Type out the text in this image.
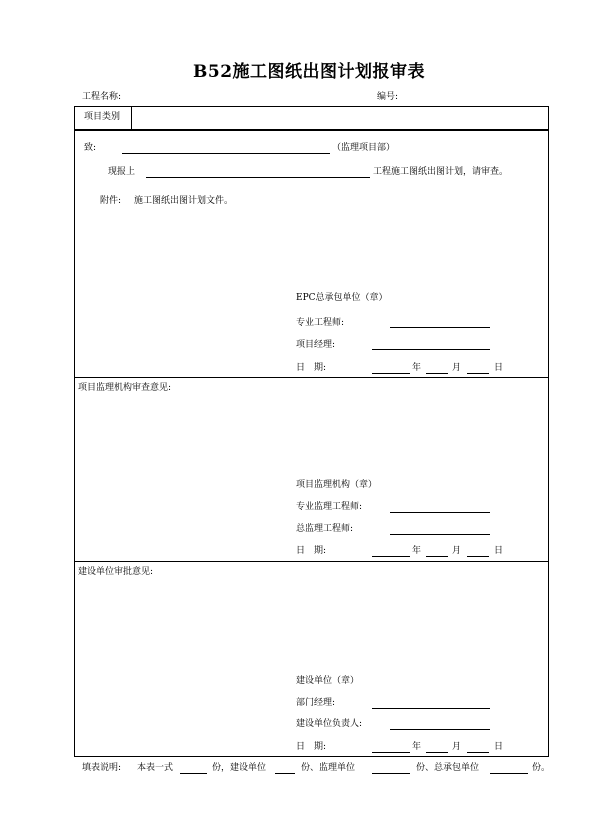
B52施工图纸出图计划报审表
工程名称:	编号:
项目类别
致:	（监理项目部）
现报上	工程施工图纸出图计划，请审查。
附件: 施工图纸出图计划文件。
EPC总承包单位（章）
专业工程师:
项目经理:
日　期:	年	月	日
项目监理机构审查意见:
项目监理机构（章）
专业监理工程师:
总监理工程师:
日　期:	年	月	日
建设单位审批意见:
建设单位（章）
部门经理:
建设单位负责人:
日　期:	年	月	日
填表说明: 本表一式	份，建设单位	份、监理单位	份、总承包单位	份。
